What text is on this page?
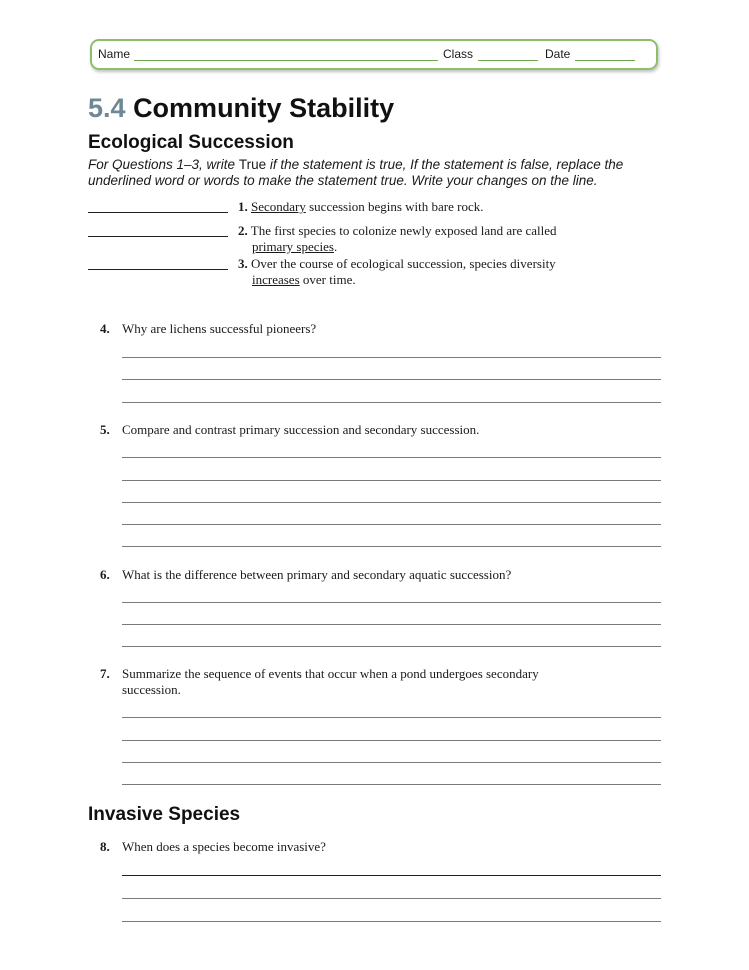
Name	Class	Date
5.4 Community Stability
Ecological Succession

For Questions 1–3, write True if the statement is true, If the statement is false, replace the underlined word or words to make the statement true. Write your changes on the line.

1. Secondary succession begins with bare rock.
2. The first species to colonize newly exposed land are called
primary species.
3. Over the course of ecological succession, species diversity
increases over time.
4. Why are lichens successful pioneers?
5. Compare and contrast primary succession and secondary succession.
6. What is the difference between primary and secondary aquatic succession?
7. Summarize the sequence of events that occur when a pond undergoes secondary
succession.
Invasive Species
8. When does a species become invasive?
